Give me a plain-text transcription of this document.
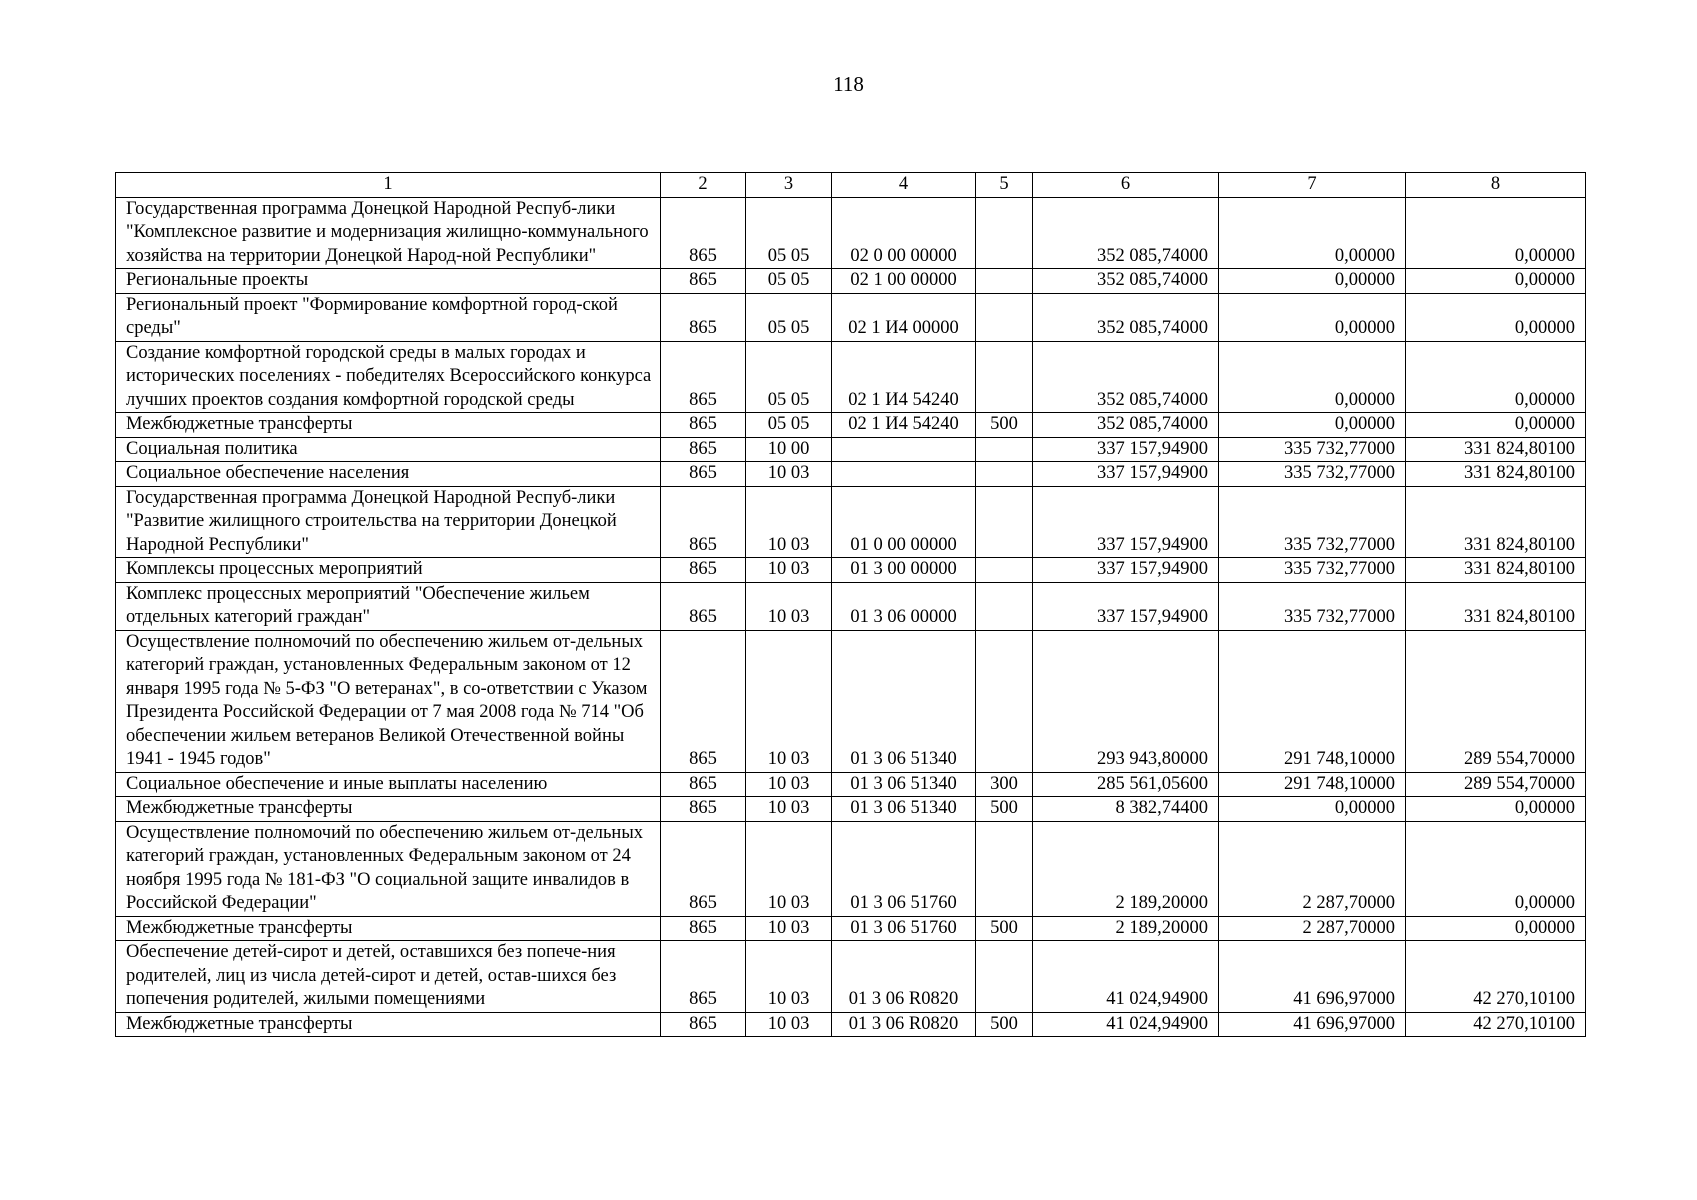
118
1	2	3	4	5	6	7	8
Государственная программа Донецкой Народной Респуб-лики "Комплексное развитие и модернизация жилищно-коммунального хозяйства на территории Донецкой Народ-ной Республики"	865	05 05	02 0 00 00000		352 085,74000	0,00000	0,00000
Региональные проекты	865	05 05	02 1 00 00000		352 085,74000	0,00000	0,00000
Региональный проект "Формирование комфортной город-ской среды"	865	05 05	02 1 И4 00000		352 085,74000	0,00000	0,00000
Создание комфортной городской среды в малых городах и исторических поселениях - победителях Всероссийского конкурса лучших проектов создания комфортной городской среды	865	05 05	02 1 И4 54240		352 085,74000	0,00000	0,00000
Межбюджетные трансферты	865	05 05	02 1 И4 54240	500	352 085,74000	0,00000	0,00000
Социальная политика	865	10 00			337 157,94900	335 732,77000	331 824,80100
Социальное обеспечение населения	865	10 03			337 157,94900	335 732,77000	331 824,80100
Государственная программа Донецкой Народной Респуб-лики "Развитие жилищного строительства на территории Донецкой Народной Республики"	865	10 03	01 0 00 00000		337 157,94900	335 732,77000	331 824,80100
Комплексы процессных мероприятий	865	10 03	01 3 00 00000		337 157,94900	335 732,77000	331 824,80100
Комплекс процессных мероприятий "Обеспечение жильем отдельных категорий граждан"	865	10 03	01 3 06 00000		337 157,94900	335 732,77000	331 824,80100
Осуществление полномочий по обеспечению жильем от-дельных категорий граждан, установленных Федеральным законом от 12 января 1995 года № 5-ФЗ "О ветеранах", в со-ответствии с Указом Президента Российской Федерации от 7 мая 2008 года № 714 "Об обеспечении жильем ветеранов Великой Отечественной войны 1941 - 1945 годов"	865	10 03	01 3 06 51340		293 943,80000	291 748,10000	289 554,70000
Социальное обеспечение и иные выплаты населению	865	10 03	01 3 06 51340	300	285 561,05600	291 748,10000	289 554,70000
Межбюджетные трансферты	865	10 03	01 3 06 51340	500	8 382,74400	0,00000	0,00000
Осуществление полномочий по обеспечению жильем от-дельных категорий граждан, установленных Федеральным законом от 24 ноября 1995 года № 181-ФЗ "О социальной защите инвалидов в Российской Федерации"	865	10 03	01 3 06 51760		2 189,20000	2 287,70000	0,00000
Межбюджетные трансферты	865	10 03	01 3 06 51760	500	2 189,20000	2 287,70000	0,00000
Обеспечение детей-сирот и детей, оставшихся без попече-ния родителей, лиц из числа детей-сирот и детей, остав-шихся без попечения родителей, жилыми помещениями	865	10 03	01 3 06 R0820		41 024,94900	41 696,97000	42 270,10100
Межбюджетные трансферты	865	10 03	01 3 06 R0820	500	41 024,94900	41 696,97000	42 270,10100
